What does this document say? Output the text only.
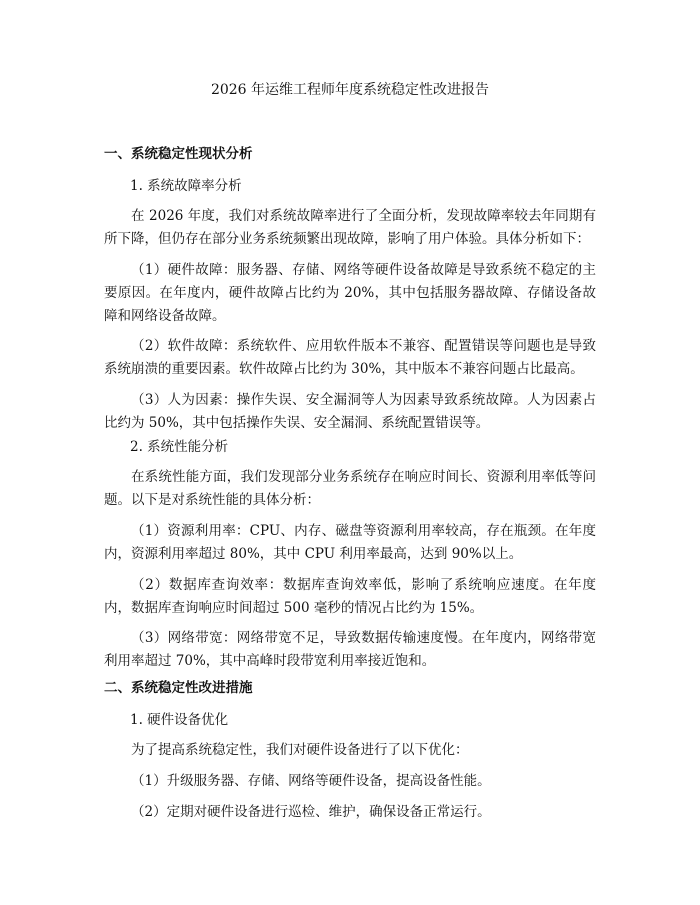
2026 年运维工程师年度系统稳定性改进报告
一、系统稳定性现状分析
1. 系统故障率分析

在 2026 年度，我们对系统故障率进行了全面分析，发现故障率较去年同期有所下降，但仍存在部分业务系统频繁出现故障，影响了用户体验。具体分析如下：

（1）硬件故障：服务器、存储、网络等硬件设备故障是导致系统不稳定的主要原因。在年度内，硬件故障占比约为 20%，其中包括服务器故障、存储设备故障和网络设备故障。

（2）软件故障：系统软件、应用软件版本不兼容、配置错误等问题也是导致系统崩溃的重要因素。软件故障占比约为 30%，其中版本不兼容问题占比最高。

（3）人为因素：操作失误、安全漏洞等人为因素导致系统故障。人为因素占比约为 50%，其中包括操作失误、安全漏洞、系统配置错误等。

2. 系统性能分析

在系统性能方面，我们发现部分业务系统存在响应时间长、资源利用率低等问题。以下是对系统性能的具体分析：

（1）资源利用率：CPU、内存、磁盘等资源利用率较高，存在瓶颈。在年度内，资源利用率超过 80%，其中 CPU 利用率最高，达到 90%以上。

（2）数据库查询效率：数据库查询效率低，影响了系统响应速度。在年度内，数据库查询响应时间超过 500 毫秒的情况占比约为 15%。

（3）网络带宽：网络带宽不足，导致数据传输速度慢。在年度内，网络带宽利用率超过 70%，其中高峰时段带宽利用率接近饱和。

二、系统稳定性改进措施
1. 硬件设备优化

为了提高系统稳定性，我们对硬件设备进行了以下优化：

（1）升级服务器、存储、网络等硬件设备，提高设备性能。

（2）定期对硬件设备进行巡检、维护，确保设备正常运行。
